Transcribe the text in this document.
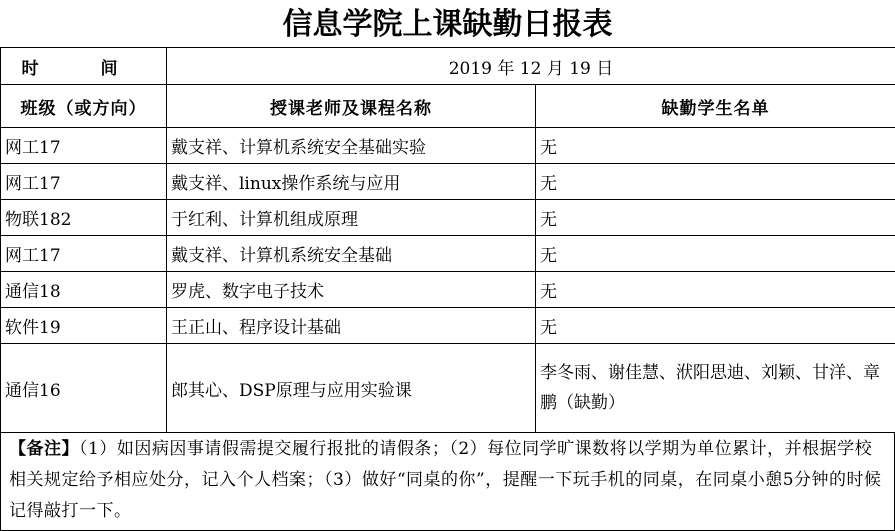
信息学院上课缺勤日报表
时 间	2019 年 12 月 19 日	
班级（或方向）	授课老师及课程名称	缺勤学生名单
网工17	戴支祥、计算机系统安全基础实验	无
网工17	戴支祥、linux操作系统与应用	无
物联182	于红利、计算机组成原理	无
网工17	戴支祥、计算机系统安全基础	无
通信18	罗虎、数字电子技术	无
软件19	王正山、程序设计基础	无
通信16	郎其心、DSP原理与应用实验课	李冬雨、谢佳慧、洑阳思迪、刘颖、甘洋、章鹏（缺勤）
【备注】（1）如因病因事请假需提交履行报批的请假条；（2）每位同学旷课数将以学期为单位累计，并根据学校相关规定给予相应处分，记入个人档案；（3）做好“同桌的你”，提醒一下玩手机的同桌，在同桌小憩5分钟的时候记得敲打一下。
